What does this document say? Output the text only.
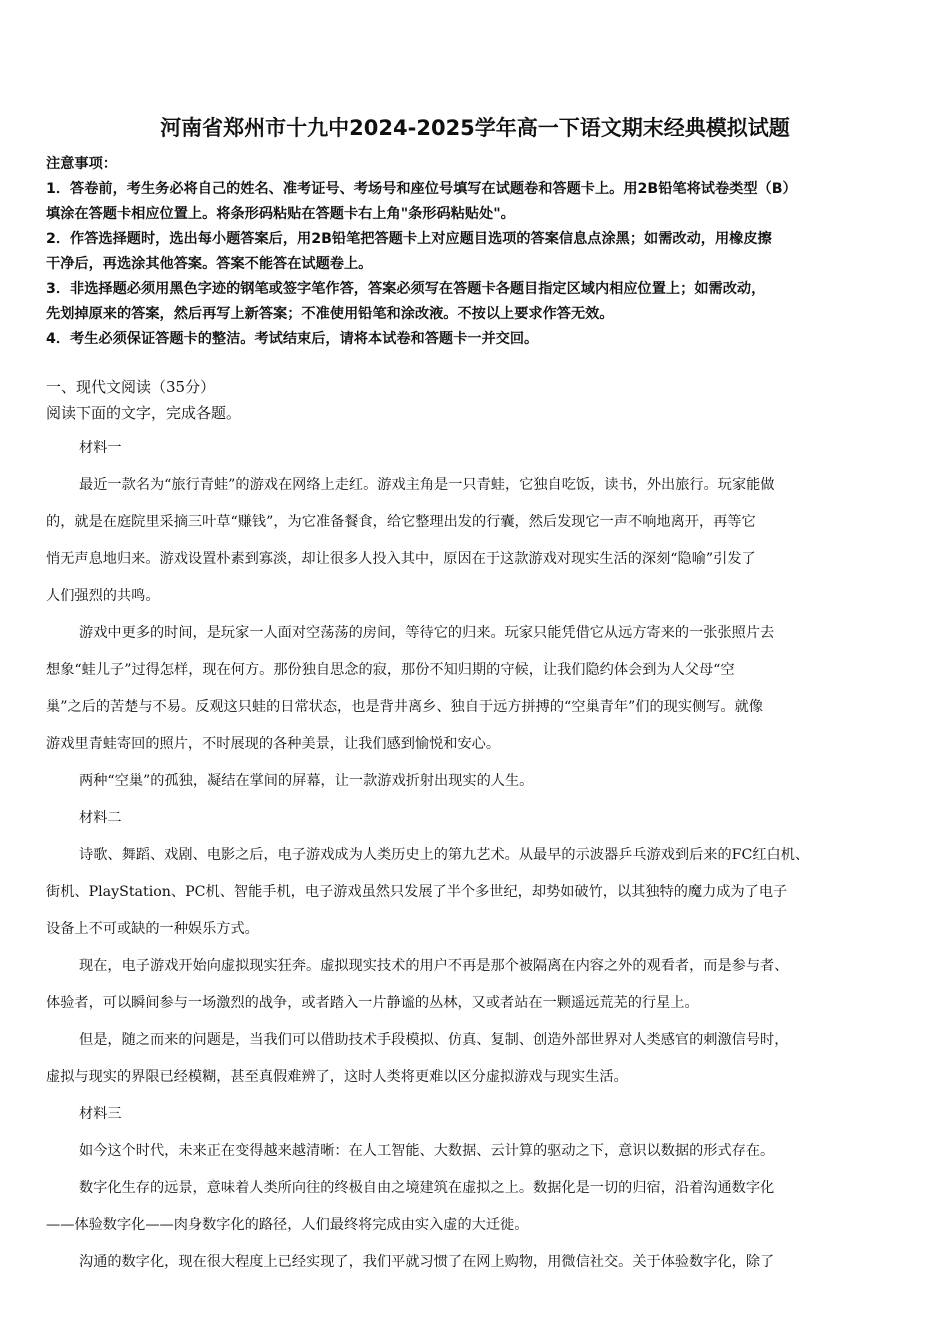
河南省郑州市十九中2024-2025学年高一下语文期末经典模拟试题
注意事项：
1．答卷前，考生务必将自己的姓名、准考证号、考场号和座位号填写在试题卷和答题卡上。用2B铅笔将试卷类型（B）
填涂在答题卡相应位置上。将条形码粘贴在答题卡右上角"条形码粘贴处"。
2．作答选择题时，选出每小题答案后，用2B铅笔把答题卡上对应题目选项的答案信息点涂黑；如需改动，用橡皮擦
干净后，再选涂其他答案。答案不能答在试题卷上。
3．非选择题必须用黑色字迹的钢笔或签字笔作答，答案必须写在答题卡各题目指定区域内相应位置上；如需改动，
先划掉原来的答案，然后再写上新答案；不准使用铅笔和涂改液。不按以上要求作答无效。
4．考生必须保证答题卡的整洁。考试结束后，请将本试卷和答题卡一并交回。
一、现代文阅读（35分）
阅读下面的文字，完成各题。
材料一
最近一款名为“旅行青蛙”的游戏在网络上走红。游戏主角是一只青蛙，它独自吃饭，读书，外出旅行。玩家能做
的，就是在庭院里采摘三叶草“赚钱”，为它准备餐食，给它整理出发的行囊，然后发现它一声不响地离开，再等它
悄无声息地归来。游戏设置朴素到寡淡，却让很多人投入其中，原因在于这款游戏对现实生活的深刻“隐喻”引发了
人们强烈的共鸣。
游戏中更多的时间，是玩家一人面对空荡荡的房间，等待它的归来。玩家只能凭借它从远方寄来的一张张照片去
想象“蛙儿子”过得怎样，现在何方。那份独自思念的寂，那份不知归期的守候，让我们隐约体会到为人父母“空
巢”之后的苦楚与不易。反观这只蛙的日常状态，也是背井离乡、独自于远方拼搏的“空巢青年”们的现实侧写。就像
游戏里青蛙寄回的照片，不时展现的各种美景，让我们感到愉悦和安心。
两种“空巢”的孤独，凝结在掌间的屏幕，让一款游戏折射出现实的人生。
材料二
诗歌、舞蹈、戏剧、电影之后，电子游戏成为人类历史上的第九艺术。从最早的示波器乒乓游戏到后来的FC红白机、
街机、PlayStation、PC机、智能手机，电子游戏虽然只发展了半个多世纪，却势如破竹，以其独特的魔力成为了电子
设备上不可或缺的一种娱乐方式。
现在，电子游戏开始向虚拟现实狂奔。虚拟现实技术的用户不再是那个被隔离在内容之外的观看者，而是参与者、
体验者，可以瞬间参与一场激烈的战争，或者踏入一片静谧的丛林，又或者站在一颗遥远荒芜的行星上。
但是，随之而来的问题是，当我们可以借助技术手段模拟、仿真、复制、创造外部世界对人类感官的刺激信号时，
虚拟与现实的界限已经模糊，甚至真假难辨了，这时人类将更难以区分虚拟游戏与现实生活。
材料三
如今这个时代，未来正在变得越来越清晰：在人工智能、大数据、云计算的驱动之下，意识以数据的形式存在。
数字化生存的远景，意味着人类所向往的终极自由之境建筑在虚拟之上。数据化是一切的归宿，沿着沟通数字化
——体验数字化——肉身数字化的路径，人们最终将完成由实入虚的大迁徙。
沟通的数字化，现在很大程度上已经实现了，我们平就习惯了在网上购物，用微信社交。关于体验数字化，除了
